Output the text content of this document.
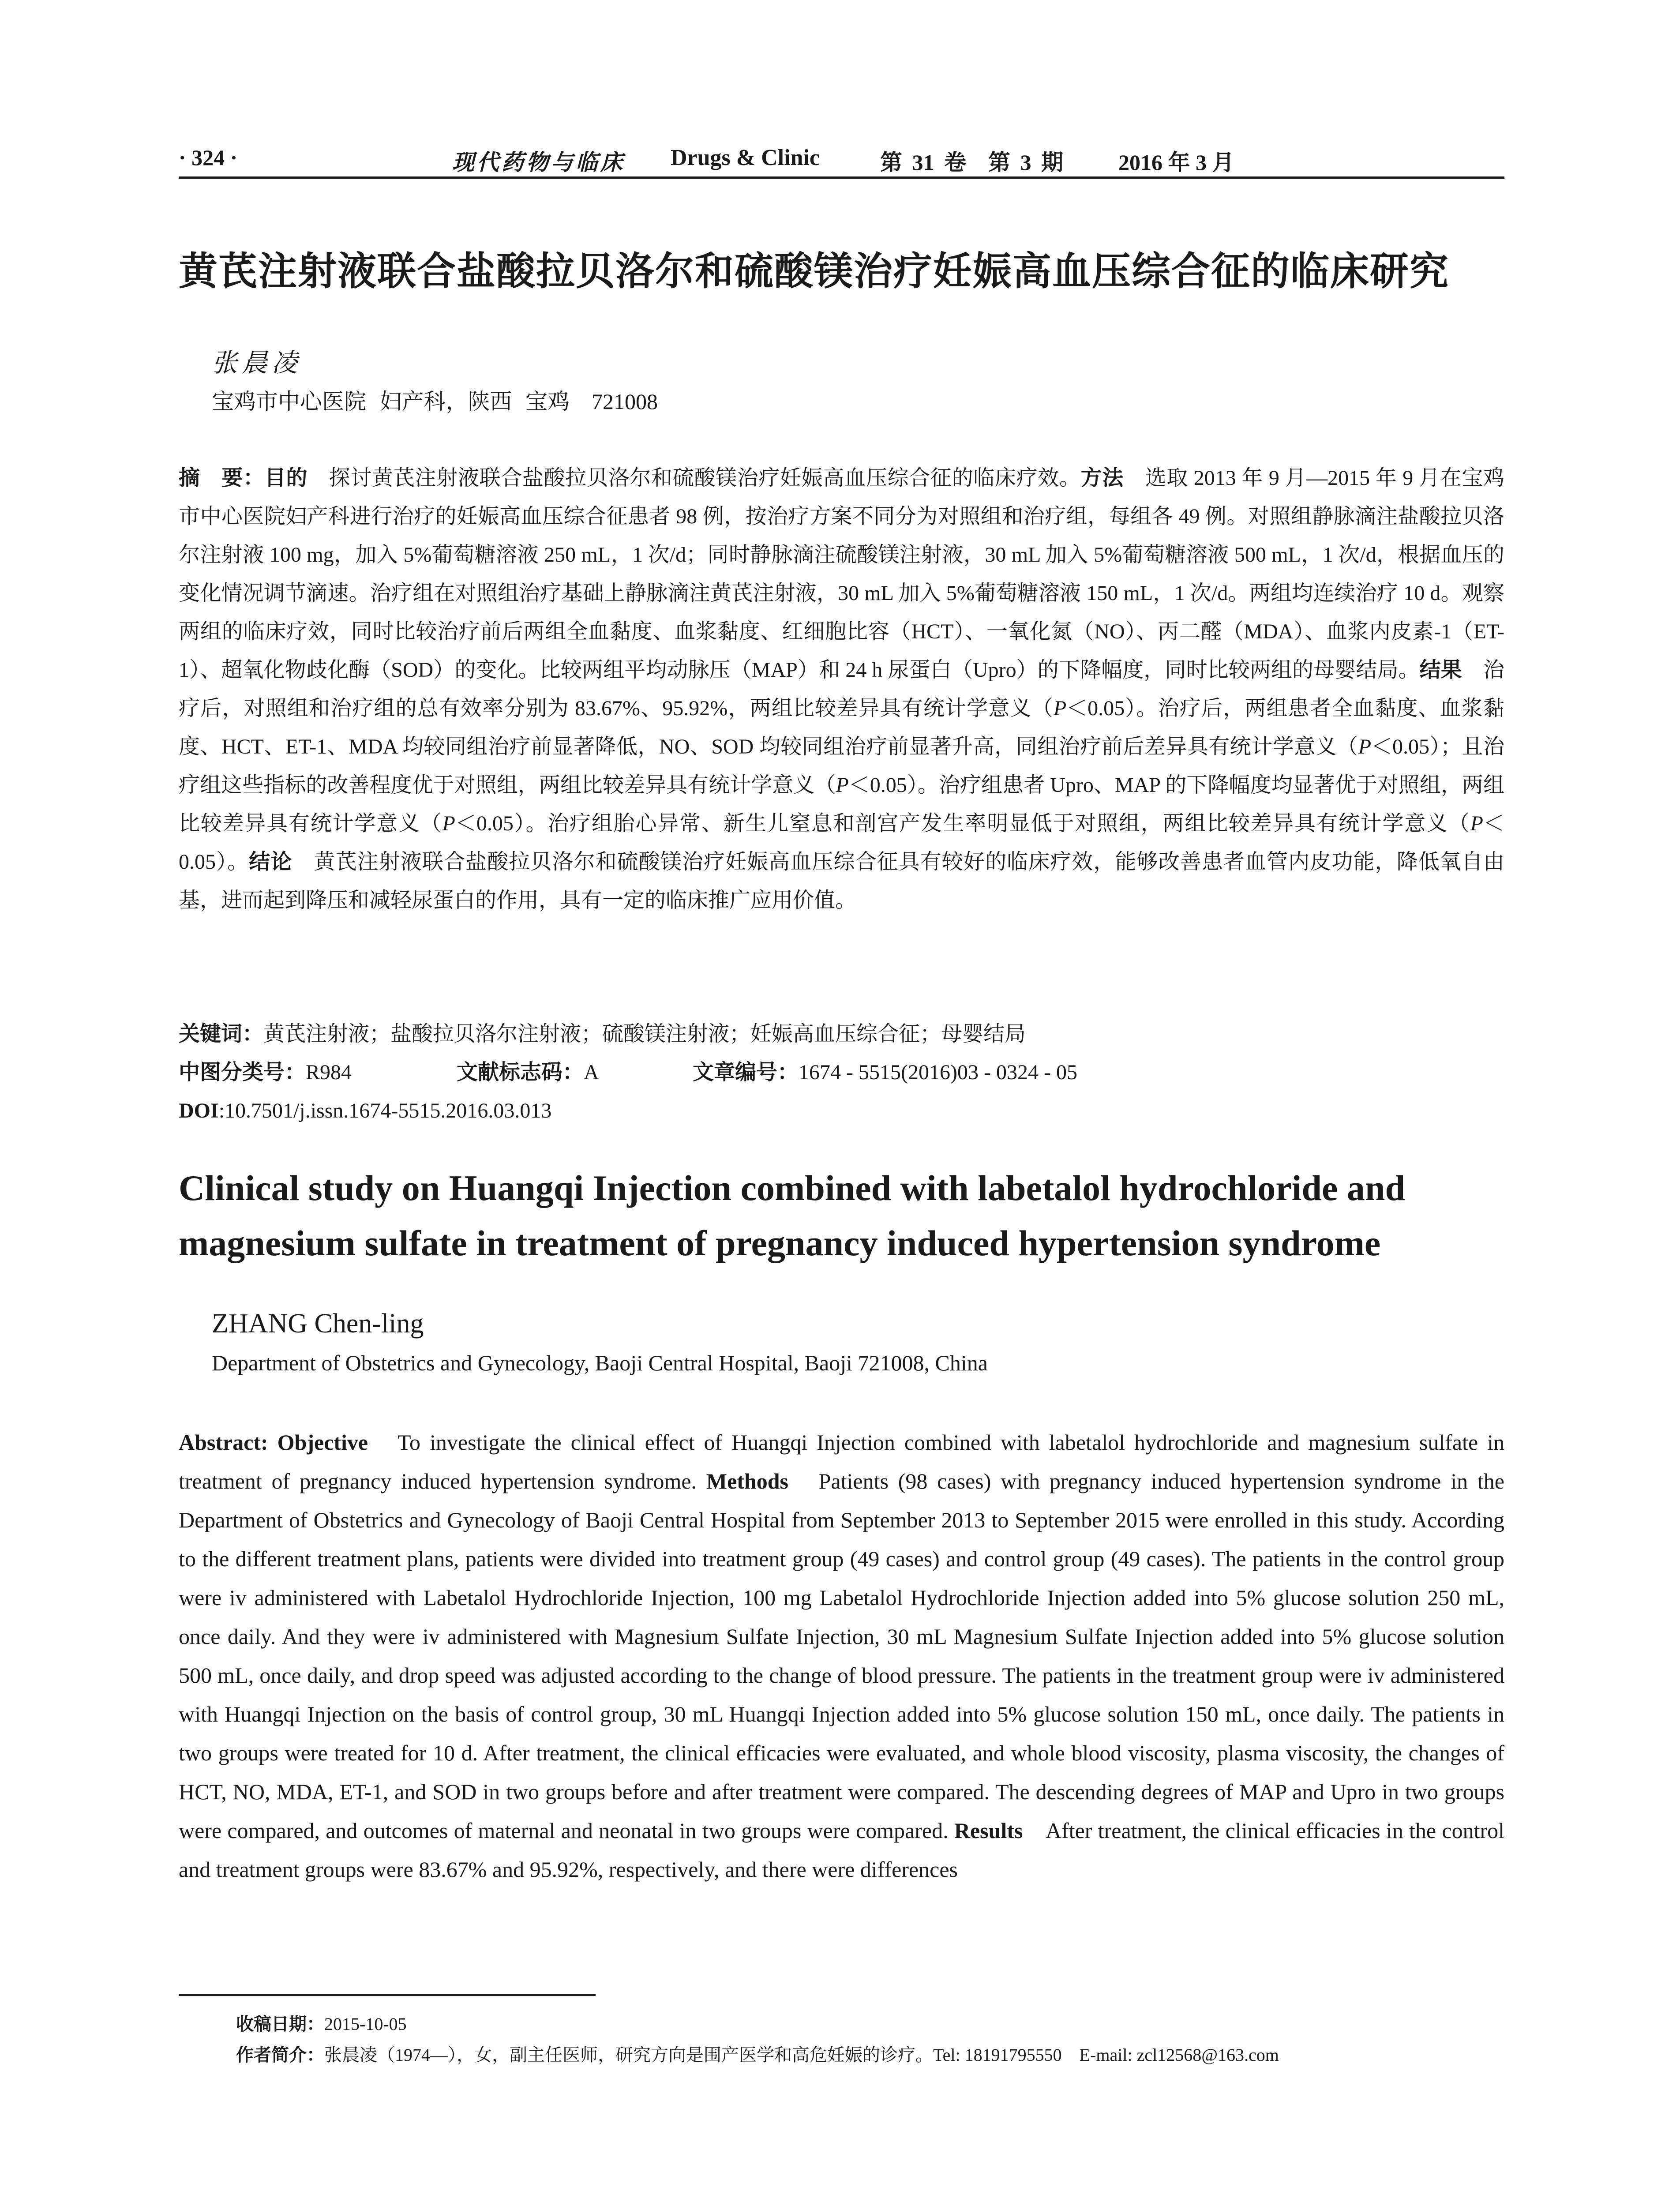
· 324 ·	现代药物与临床 Drugs & Clinic	第 31 卷　第 3 期	2016 年 3 月
黄芪注射液联合盐酸拉贝洛尔和硫酸镁治疗妊娠高血压综合征的临床研究
张晨凌
宝鸡市中心医院 妇产科，陕西 宝鸡　721008
摘　要：目的　探讨黄芪注射液联合盐酸拉贝洛尔和硫酸镁治疗妊娠高血压综合征的临床疗效。方法　选取 2013 年 9 月—2015 年 9 月在宝鸡市中心医院妇产科进行治疗的妊娠高血压综合征患者 98 例，按治疗方案不同分为对照组和治疗组，每组各 49 例。对照组静脉滴注盐酸拉贝洛尔注射液 100 mg，加入 5%葡萄糖溶液 250 mL，1 次/d；同时静脉滴注硫酸镁注射液，30 mL 加入 5%葡萄糖溶液 500 mL，1 次/d，根据血压的变化情况调节滴速。治疗组在对照组治疗基础上静脉滴注黄芪注射液，30 mL 加入 5%葡萄糖溶液 150 mL，1 次/d。两组均连续治疗 10 d。观察两组的临床疗效，同时比较治疗前后两组全血黏度、血浆黏度、红细胞比容（HCT）、一氧化氮（NO）、丙二醛（MDA）、血浆内皮素-1（ET-1）、超氧化物歧化酶（SOD）的变化。比较两组平均动脉压（MAP）和 24 h 尿蛋白（Upro）的下降幅度，同时比较两组的母婴结局。结果　治疗后，对照组和治疗组的总有效率分别为 83.67%、95.92%，两组比较差异具有统计学意义（P＜0.05）。治疗后，两组患者全血黏度、血浆黏度、HCT、ET-1、MDA 均较同组治疗前显著降低，NO、SOD 均较同组治疗前显著升高，同组治疗前后差异具有统计学意义（P＜0.05）；且治疗组这些指标的改善程度优于对照组，两组比较差异具有统计学意义（P＜0.05）。治疗组患者 Upro、MAP 的下降幅度均显著优于对照组，两组比较差异具有统计学意义（P＜0.05）。治疗组胎心异常、新生儿窒息和剖宫产发生率明显低于对照组，两组比较差异具有统计学意义（P＜0.05）。结论　黄芪注射液联合盐酸拉贝洛尔和硫酸镁治疗妊娠高血压综合征具有较好的临床疗效，能够改善患者血管内皮功能，降低氧自由基，进而起到降压和减轻尿蛋白的作用，具有一定的临床推广应用价值。
关键词：黄芪注射液；盐酸拉贝洛尔注射液；硫酸镁注射液；妊娠高血压综合征；母婴结局
中图分类号：R984	文献标志码：A	文章编号：1674 - 5515(2016)03 - 0324 - 05
DOI:10.7501/j.issn.1674-5515.2016.03.013
Clinical study on Huangqi Injection combined with labetalol hydrochloride and magnesium sulfate in treatment of pregnancy induced hypertension syndrome
ZHANG Chen-ling
Department of Obstetrics and Gynecology, Baoji Central Hospital, Baoji 721008, China
Abstract: Objective　To investigate the clinical effect of Huangqi Injection combined with labetalol hydrochloride and magnesium sulfate in treatment of pregnancy induced hypertension syndrome. Methods　Patients (98 cases) with pregnancy induced hypertension syndrome in the Department of Obstetrics and Gynecology of Baoji Central Hospital from September 2013 to September 2015 were enrolled in this study. According to the different treatment plans, patients were divided into treatment group (49 cases) and control group (49 cases). The patients in the control group were iv administered with Labetalol Hydrochloride Injection, 100 mg Labetalol Hydrochloride Injection added into 5% glucose solution 250 mL, once daily. And they were iv administered with Magnesium Sulfate Injection, 30 mL Magnesium Sulfate Injection added into 5% glucose solution 500 mL, once daily, and drop speed was adjusted according to the change of blood pressure. The patients in the treatment group were iv administered with Huangqi Injection on the basis of control group, 30 mL Huangqi Injection added into 5% glucose solution 150 mL, once daily. The patients in two groups were treated for 10 d. After treatment, the clinical efficacies were evaluated, and whole blood viscosity, plasma viscosity, the changes of HCT, NO, MDA, ET-1, and SOD in two groups before and after treatment were compared. The descending degrees of MAP and Upro in two groups were compared, and outcomes of maternal and neonatal in two groups were compared. Results　After treatment, the clinical efficacies in the control and treatment groups were 83.67% and 95.92%, respectively, and there were differences
收稿日期：2015-10-05
作者简介：张晨凌（1974—），女，副主任医师，研究方向是围产医学和高危妊娠的诊疗。Tel: 18191795550 E-mail: zcl12568@163.com
